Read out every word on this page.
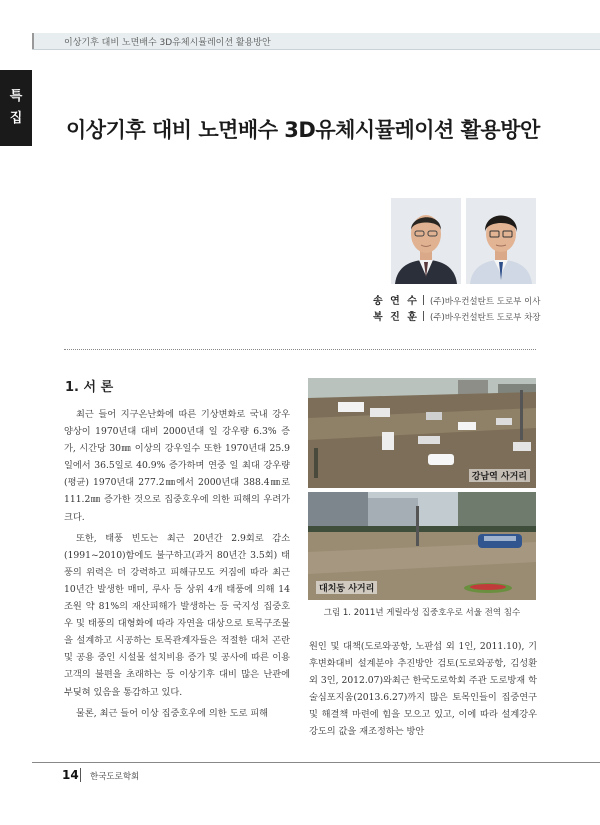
이상기후 대비 노면배수 3D유체시뮬레이션 활용방안
특
집 이상기후 대비 노면배수 3D유체시뮬레이션 활용방안
송 연 수 (주)바우컨설탄트 도로부 이사
복 진 훈 (주)바우컨설탄트 도로부 차장
1. 서 론

최근 들어 지구온난화에 따른 기상변화로 국내 강우 양상이 1970년대 대비 2000년대 일 강우량 6.3% 증가, 시간당 30㎜ 이상의 강우일수 또한 1970년대 25.9일에서 36.5일로 40.9% 증가하며 연중 일 최대 강우량(평균) 1970년대 277.2㎜에서 2000년대 388.4㎜로 111.2㎜ 증가한 것으로 집중호우에 의한 피해의 우려가 크다.

또한, 태풍 빈도는 최근 20년간 2.9회로 감소(1991~2010)함에도 불구하고(과거 80년간 3.5회) 태풍의 위력은 더 강력하고 피해규모도 커짐에 따라 최근 10년간 발생한 매미, 루사 등 상위 4개 태풍에 의해 14조원 약 81%의 재산피해가 발생하는 등 국지성 집중호우 및 태풍의 대형화에 따라 자연을 대상으로 토목구조물을 설계하고 시공하는 토목관계자들은 적절한 대처 곤란 및 공용 중인 시설물 설치비용 증가 및 공사에 따른 이용고객의 불편을 초래하는 등 이상기후 대비 많은 난관에 부딪혀 있음을 통감하고 있다.

물론, 최근 들어 이상 집중호우에 의한 도로 피해

강남역 사거리
대치동 사거리
그림 1. 2011년 게릴라성 집중호우로 서울 전역 침수

원인 및 대책(도로와공항, 노판섭 외 1인, 2011.10), 기후변화대비 설계분야 추진방안 검토(도로와공항, 김성환 외 3인, 2012.07)와최근 한국도로학회 주관 도로방재 학술심포지움(2013.6.27)까지 많은 토목인들이 집중연구 및 해결책 마련에 힘을 모으고 있고, 이에 따라 설계강우강도의 값을 재조정하는 방안

14 한국도로학회
